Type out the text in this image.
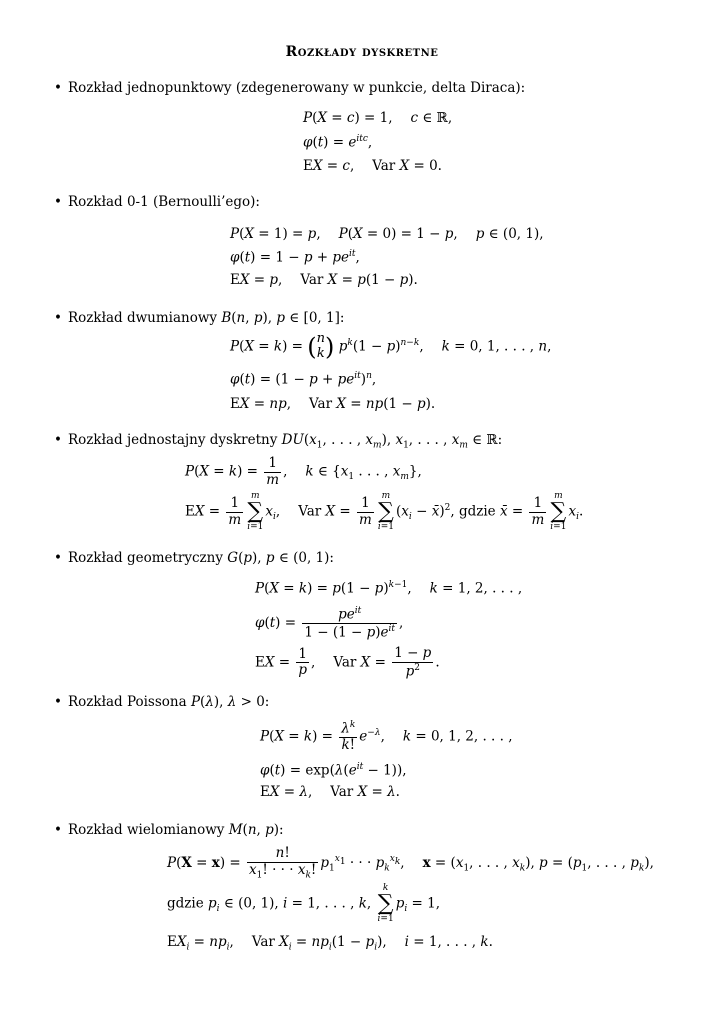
Rozkłady dyskretne
• Rozkład jednopunktowy (zdegenerowany w punkcie, delta Diraca):
P(X = c) = 1, c ∈ ℝ,
$\varphi(t) = e^{itc}$,
EX = c, Var X = 0.
• Rozkład 0-1 (Bernoulli’ego):
P(X = 1) = p, P(X = 0) = 1 − p, p ∈ (0, 1),
$\varphi(t) = 1 - p + pe^{it}$,
EX = p, Var X = p(1 − p).
• Rozkład dwumianowy B(n, p), p ∈ [0, 1]:
P(X = k) = ( n
k ) $p^k(1 - p)^{n-k}$, k = 0, 1, . . . , n,
$\varphi(t) = (1 - p + pe^{it})^n$,
EX = np, Var X = np(1 − p).
• Rozkład jednostajny dyskretny $DU(x_1$, . . . , $x_m$), $x_1$, . . . , $x_m$ ∈ ℝ:
$P(X = k) = \frac{1}{m}$ , k ∈ {$x_1$ . . . , $x_m$},
EX = $\frac{1}{m}$ m
∑
i=1
$x_i$, Var $X = \frac{1}{m}$ m
∑
i=1
($x_i$ − x̄)$^2$, gdzie x̄ = $\frac{1}{m}$ m
∑
i=1
$x_i$.
• Rozkład geometryczny G(p), p ∈ (0, 1):
$P(X = k) = p(1 - p)^{k-1}$, k = 1, 2, . . . ,
$\varphi(t) = \frac{pe^{it}}{1 - (1 - p)e^{it}}$ ,
EX = $\frac{1}{p}$ , Var $X = \frac{1 - p}{p^2}$ .
• Rozkład Poissona P(λ), λ > 0:
$P(X = k) = \frac{\lambda^k}{k!} e^{-\lambda}$, k = 0, 1, 2, . . . ,
$\varphi(t) = \exp(\lambda(e^{it} - 1))$,
EX = λ, Var X = λ.
• Rozkład wielomianowy M(n, p):
$P(X = x) = \frac{n!}{x_1! \cdot \cdot \cdot x_k!} p_1^{x_1}$ · · · $p_k^{x_k}$, $x = (x_1$, . . . , $x_k$), $p = (p_1$, . . . , $p_k$),
gdzie $p_i$ ∈ (0, 1), i = 1, . . . , k,
k
∑
i=1
$p_i = 1$,
$EX_i = np_i$, Var $X_i = np_i(1 - p_i)$, i = 1, . . . , k.
